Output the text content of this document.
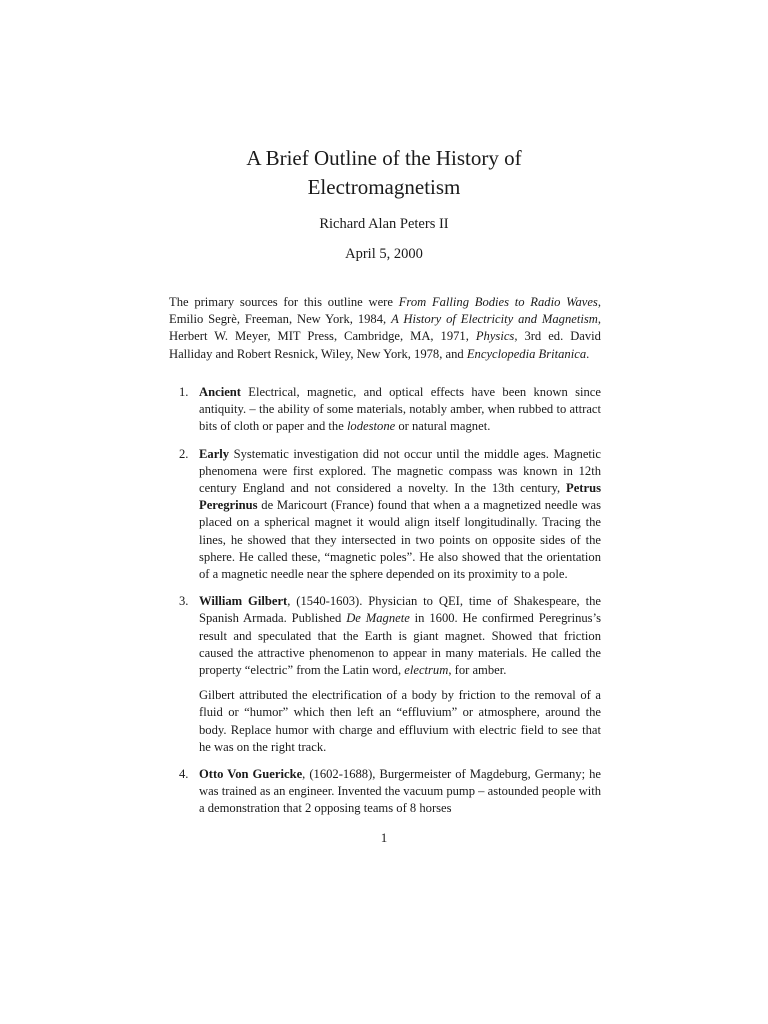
A Brief Outline of the History of
Electromagnetism
Richard Alan Peters II
April 5, 2000
The primary sources for this outline were From Falling Bodies to Radio Waves, Emilio Segrè, Freeman, New York, 1984, A History of Electricity and Magnetism, Herbert W. Meyer, MIT Press, Cambridge, MA, 1971, Physics, 3rd ed. David Halliday and Robert Resnick, Wiley, New York, 1978, and Encyclopedia Britanica.
1. Ancient Electrical, magnetic, and optical effects have been known since antiquity. – the ability of some materials, notably amber, when rubbed to attract bits of cloth or paper and the lodestone or natural magnet.

2. Early Systematic investigation did not occur until the middle ages. Magnetic phenomena were first explored. The magnetic compass was known in 12th century England and not considered a novelty. In the 13th century, Petrus Peregrinus de Maricourt (France) found that when a a magnetized needle was placed on a spherical magnet it would align itself longitudinally. Tracing the lines, he showed that they intersected in two points on opposite sides of the sphere. He called these, “magnetic poles”. He also showed that the orientation of a magnetic needle near the sphere depended on its proximity to a pole.

3. William Gilbert, (1540-1603). Physician to QEI, time of Shakespeare, the Spanish Armada. Published De Magnete in 1600. He confirmed Peregrinus’s result and speculated that the Earth is giant magnet. Showed that friction caused the attractive phenomenon to appear in many materials. He called the property “electric” from the Latin word, electrum, for amber.

Gilbert attributed the electrification of a body by friction to the removal of a fluid or “humor” which then left an “effluvium” or atmosphere, around the body. Replace humor with charge and effluvium with electric field to see that he was on the right track.

4. Otto Von Guericke, (1602-1688), Burgermeister of Magdeburg, Germany; he was trained as an engineer. Invented the vacuum pump – astounded people with a demonstration that 2 opposing teams of 8 horses

1
